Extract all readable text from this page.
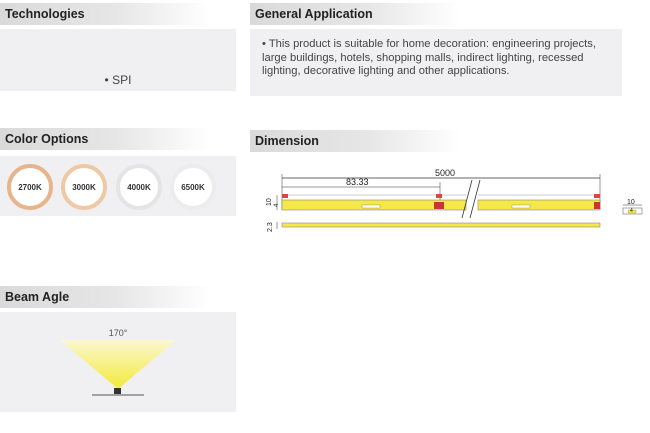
Technologies
• SPI
General Application
• This product is suitable for home decoration: engineering projects, large buildings, hotels, shopping malls, indirect lighting, recessed lighting, decorative lighting and other applications.
Color Options
2700K	3000K	4000K	6500K
Dimension
5000
83.33
10 4
2.3
10
4
Beam Agle
170°
